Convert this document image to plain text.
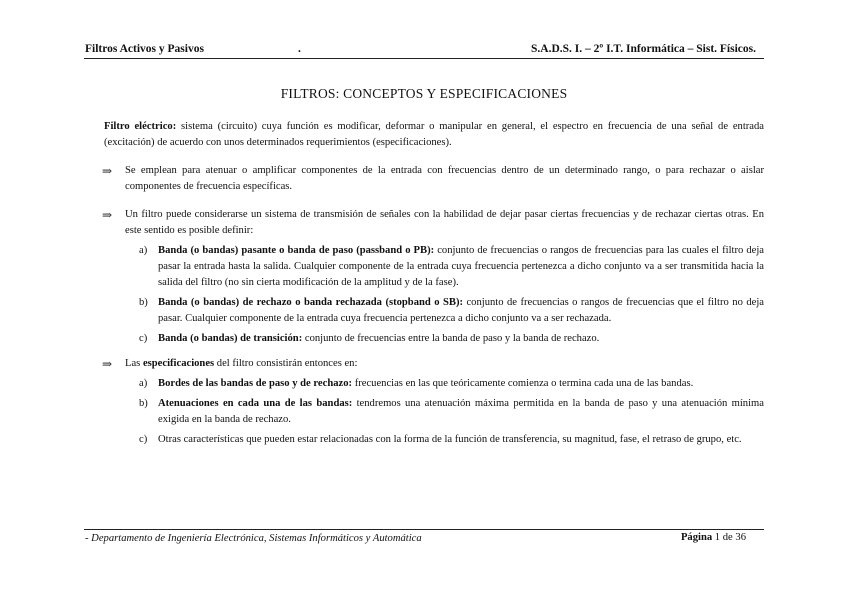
Filtros Activos y Pasivos	.	S.A.D.S. I. – 2º I.T. Informática – Sist. Físicos.
FILTROS: CONCEPTOS Y ESPECIFICACIONES

Filtro eléctrico: sistema (circuito) cuya función es modificar, deformar o manipular en general, el espectro en frecuencia de una señal de entrada (excitación) de acuerdo con unos determinados requerimientos (especificaciones).

⇒ Se emplean para atenuar o amplificar componentes de la entrada con frecuencias dentro de un determinado rango, o para rechazar o aislar componentes de frecuencia específicas.
⇒ Un filtro puede considerarse un sistema de transmisión de señales con la habilidad de dejar pasar ciertas frecuencias y de rechazar ciertas otras. En este sentido es posible definir:
a) Banda (o bandas) pasante o banda de paso (passband o PB): conjunto de frecuencias o rangos de frecuencias para las cuales el filtro deja pasar la entrada hasta la salida. Cualquier componente de la entrada cuya frecuencia pertenezca a dicho conjunto va a ser transmitida hacia la salida del filtro (no sin cierta modificación de la amplitud y de la fase).
b) Banda (o bandas) de rechazo o banda rechazada (stopband o SB): conjunto de frecuencias o rangos de frecuencias que el filtro no deja pasar. Cualquier componente de la entrada cuya frecuencia pertenezca a dicho conjunto va a ser rechazada.
c) Banda (o bandas) de transición: conjunto de frecuencias entre la banda de paso y la banda de rechazo.
⇒ Las especificaciones del filtro consistirán entonces en:
a) Bordes de las bandas de paso y de rechazo: frecuencias en las que teóricamente comienza o termina cada una de las bandas.
b) Atenuaciones en cada una de las bandas: tendremos una atenuación máxima permitida en la banda de paso y una atenuación mínima exigida en la banda de rechazo.
c) Otras características que pueden estar relacionadas con la forma de la función de transferencia, su magnitud, fase, el retraso de grupo, etc.
- Departamento de Ingeniería Electrónica, Sistemas Informáticos y Automática	Página 1 de 36
